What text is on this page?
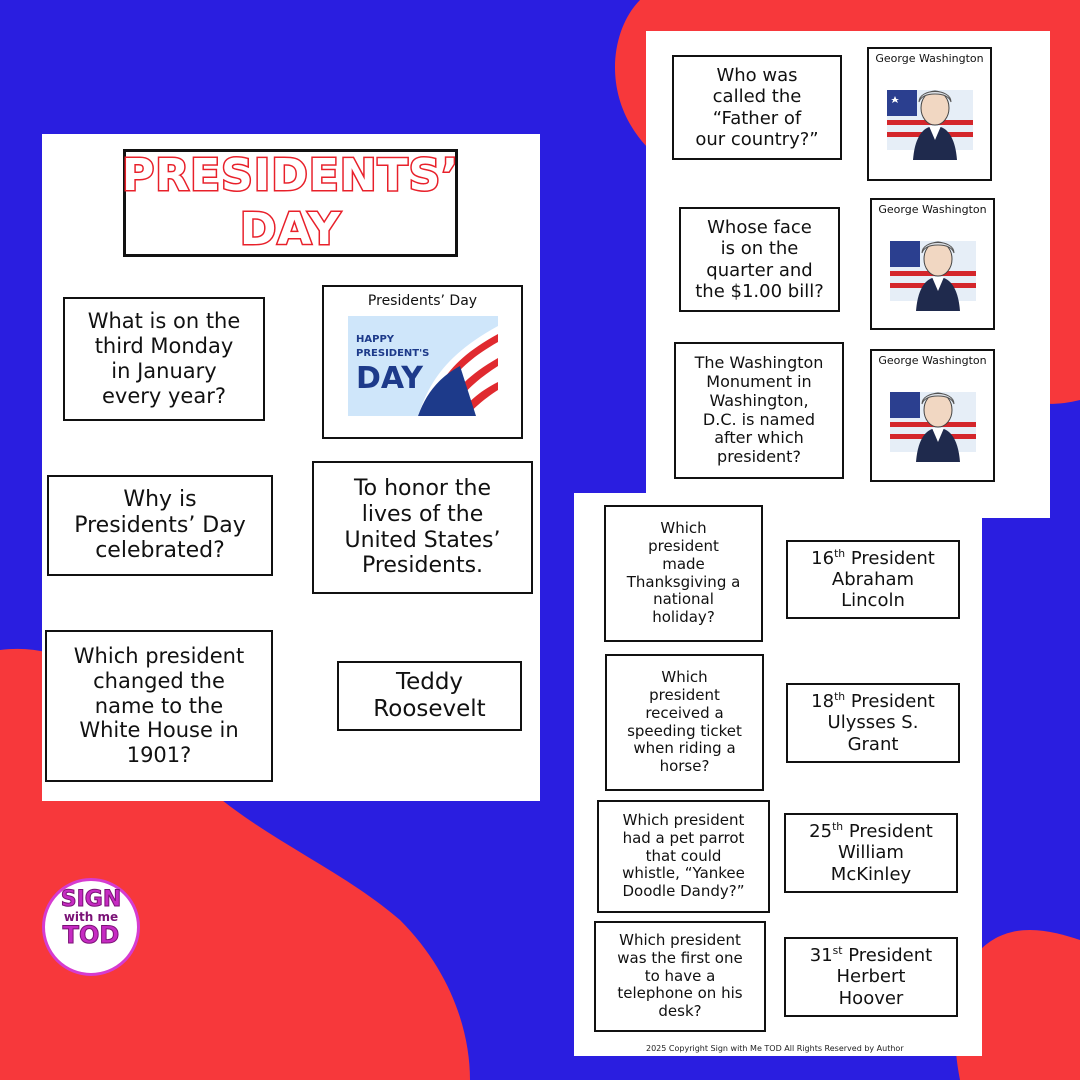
PRESIDENTS’
DAY
What is on the
third Monday
in January
every year?
Presidents’ Day
HAPPY
PRESIDENT'S
DAY
Why is
Presidents’ Day
celebrated?
To honor the
lives of the
United States’
Presidents.
Which president
changed the
name to the
White House in
1901?
Teddy
Roosevelt
Who was
called the
“Father of
our country?”
George Washington
Whose face
is on the
quarter and
the $1.00 bill?
George Washington
The Washington
Monument in
Washington,
D.C. is named
after which
president?
George Washington
Which
president
made
Thanksgiving a
national
holiday?
16th President

Abraham
Lincoln
Which
president
received a
speeding ticket
when riding a
horse?
18th President

Ulysses S.
Grant
Which president
had a pet parrot
that could
whistle, “Yankee
Doodle Dandy?”
25th President

William
McKinley
Which president
was the first one
to have a
telephone on his
desk?
31st President

Herbert
Hoover
2025 Copyright Sign with Me TOD All Rights Reserved by Author
SIGN
with me
TOD
